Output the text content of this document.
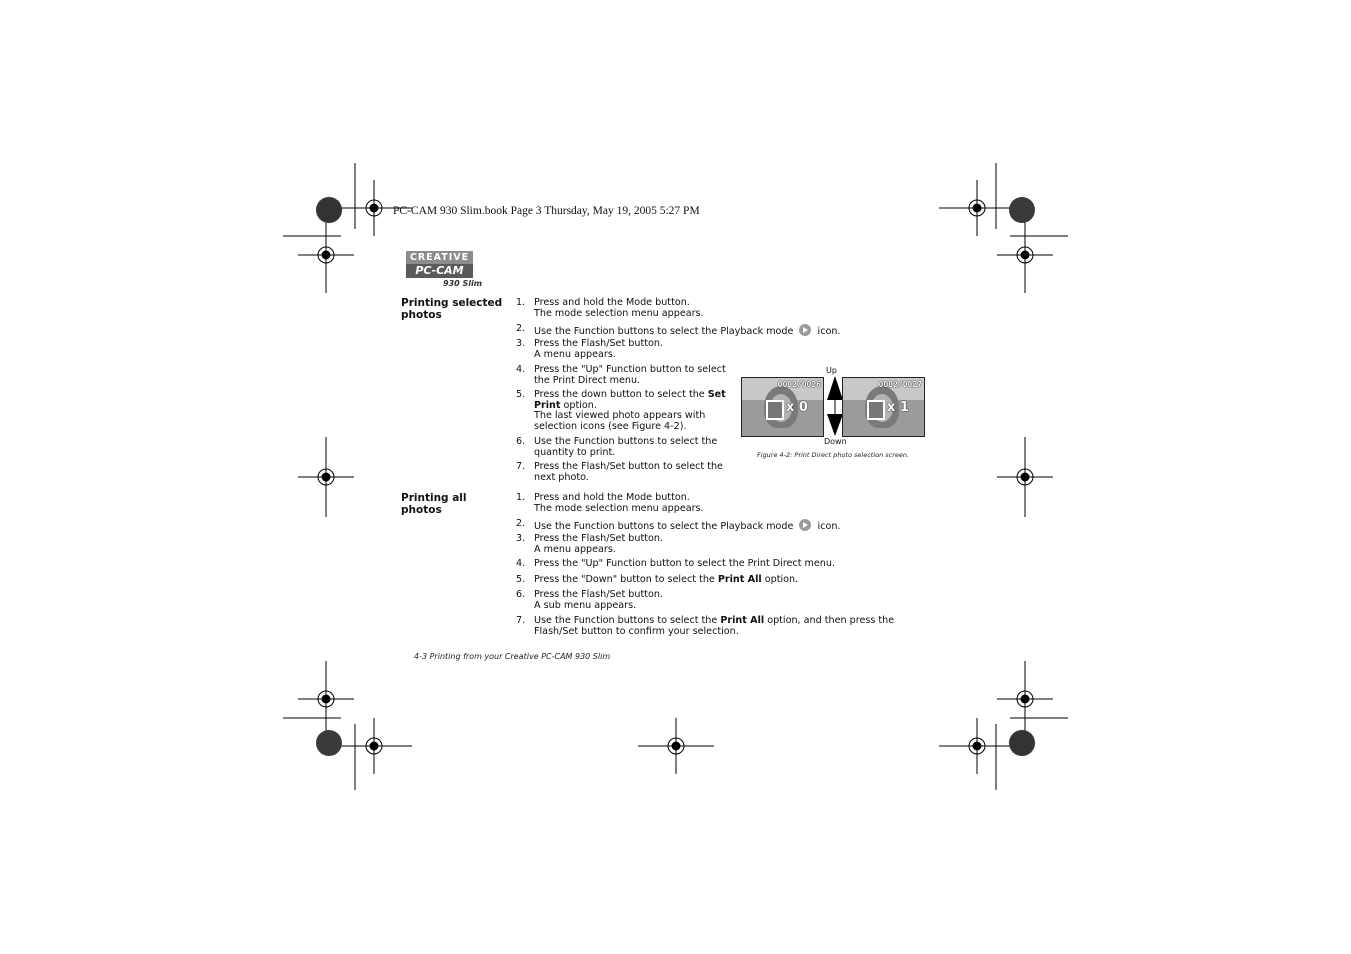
PC-CAM 930 Slim.book Page 3 Thursday, May 19, 2005 5:27 PM
CREATIVE
PC-CAM
930 Slim
Printing selected photos
1. Press and hold the Mode button.
The mode selection menu appears.
2. Use the Function buttons to select the Playback mode	icon.
3. Press the Flash/Set button.
A menu appears.
4. Press the "Up" Function button to select
the Print Direct menu.
5. Press the down button to select the Set
Print option.
The last viewed photo appears with
selection icons (see Figure 4-2).
6. Use the Function buttons to select the
quantity to print.
7. Press the Flash/Set button to select the
next photo.
Up
0002/0026
x 0
0002/0027
x 1
Down
Figure 4-2: Print Direct photo selection screen.
Printing all photos
1. Press and hold the Mode button.
The mode selection menu appears.
2. Use the Function buttons to select the Playback mode	icon.
3. Press the Flash/Set button.
A menu appears.
4. Press the "Up" Function button to select the Print Direct menu.
5. Press the "Down" button to select the Print All option.
6. Press the Flash/Set button.
A sub menu appears.
7. Use the Function buttons to select the Print All option, and then press the
Flash/Set button to confirm your selection.
4-3 Printing from your Creative PC-CAM 930 Slim
